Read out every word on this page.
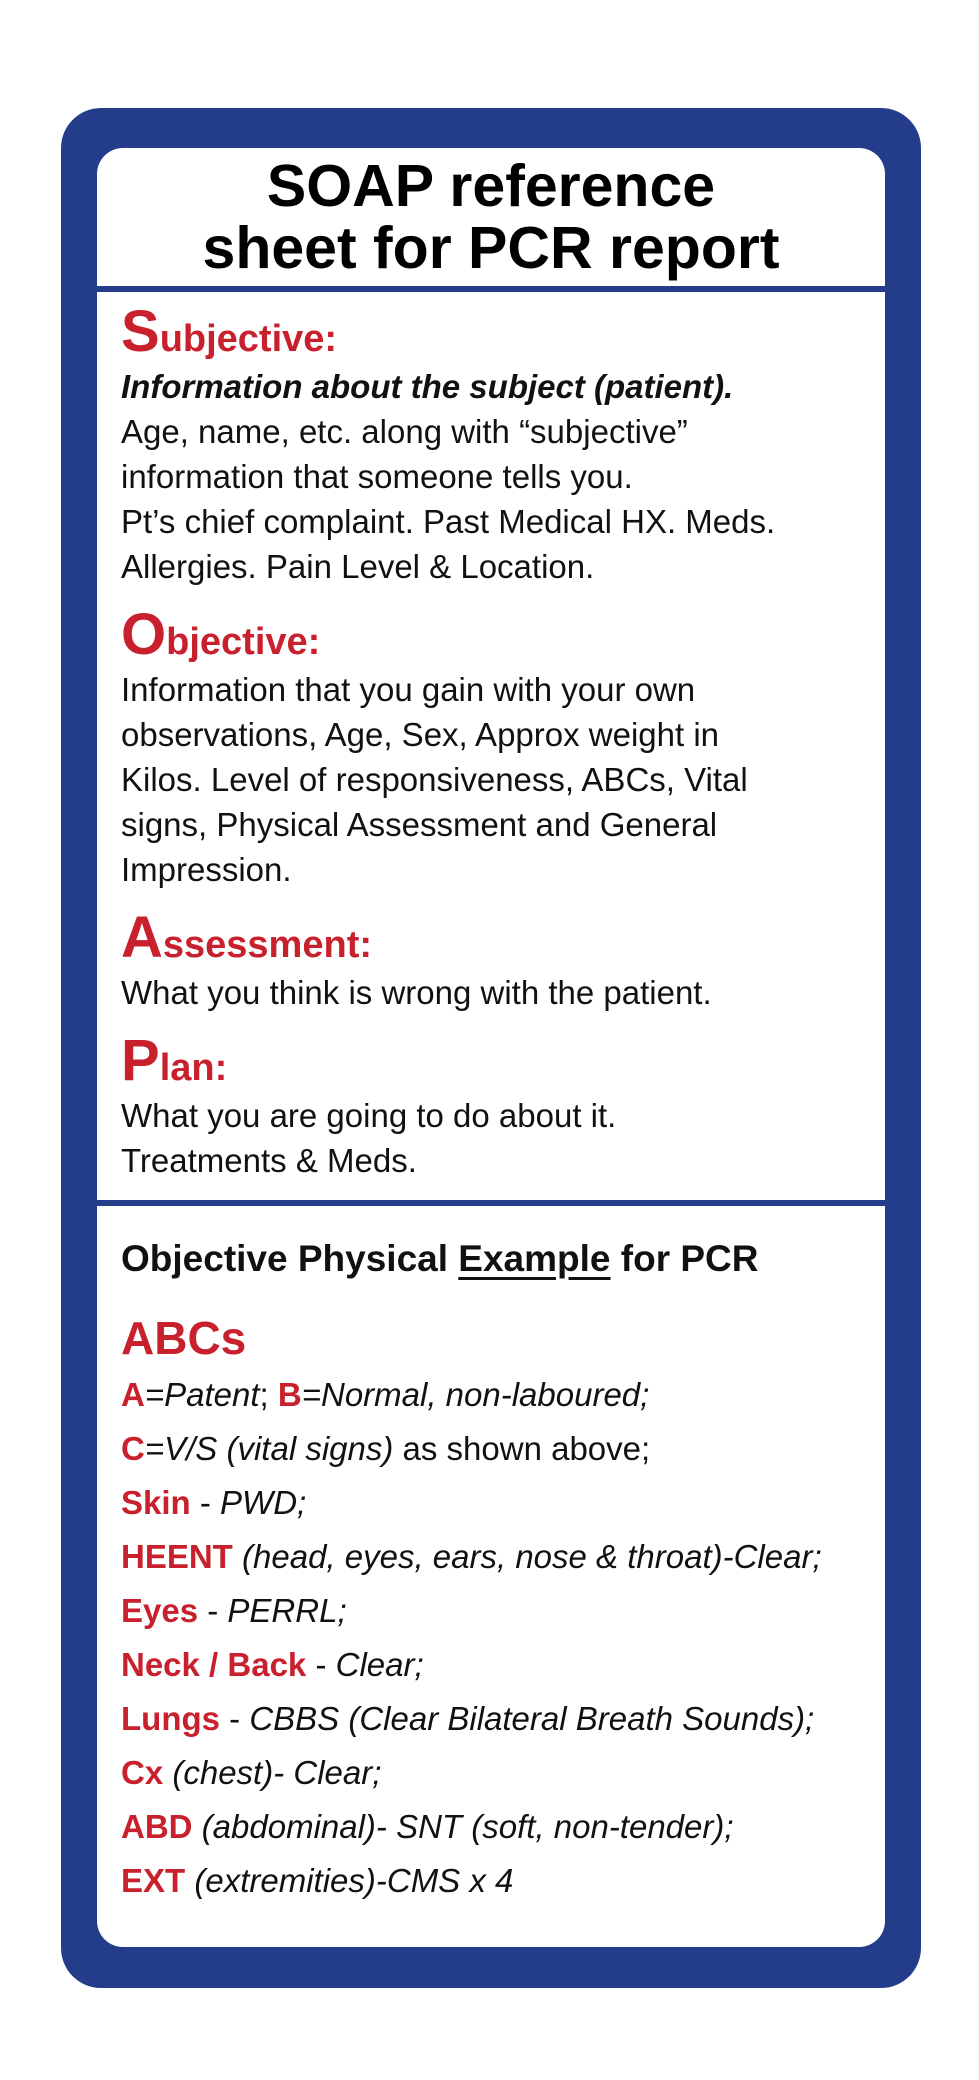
SOAP reference
sheet for PCR report
Subjective:
Information about the subject (patient).
Age, name, etc. along with “subjective”
information that someone tells you.
Pt’s chief complaint. Past Medical HX. Meds.
Allergies. Pain Level & Location.
Objective:
Information that you gain with your own
observations, Age, Sex, Approx weight in
Kilos. Level of responsiveness, ABCs, Vital
signs, Physical Assessment and General
Impression.
Assessment:
What you think is wrong with the patient.
Plan:
What you are going to do about it.
Treatments & Meds.
Objective Physical Example for PCR
ABCs
A=Patent; B=Normal, non-laboured;
C=V/S (vital signs) as shown above;
Skin - PWD;
HEENT (head, eyes, ears, nose & throat)-Clear;
Eyes - PERRL;
Neck / Back - Clear;
Lungs - CBBS (Clear Bilateral Breath Sounds);
Cx (chest)- Clear;
ABD (abdominal)- SNT (soft, non-tender);
EXT (extremities)-CMS x 4
